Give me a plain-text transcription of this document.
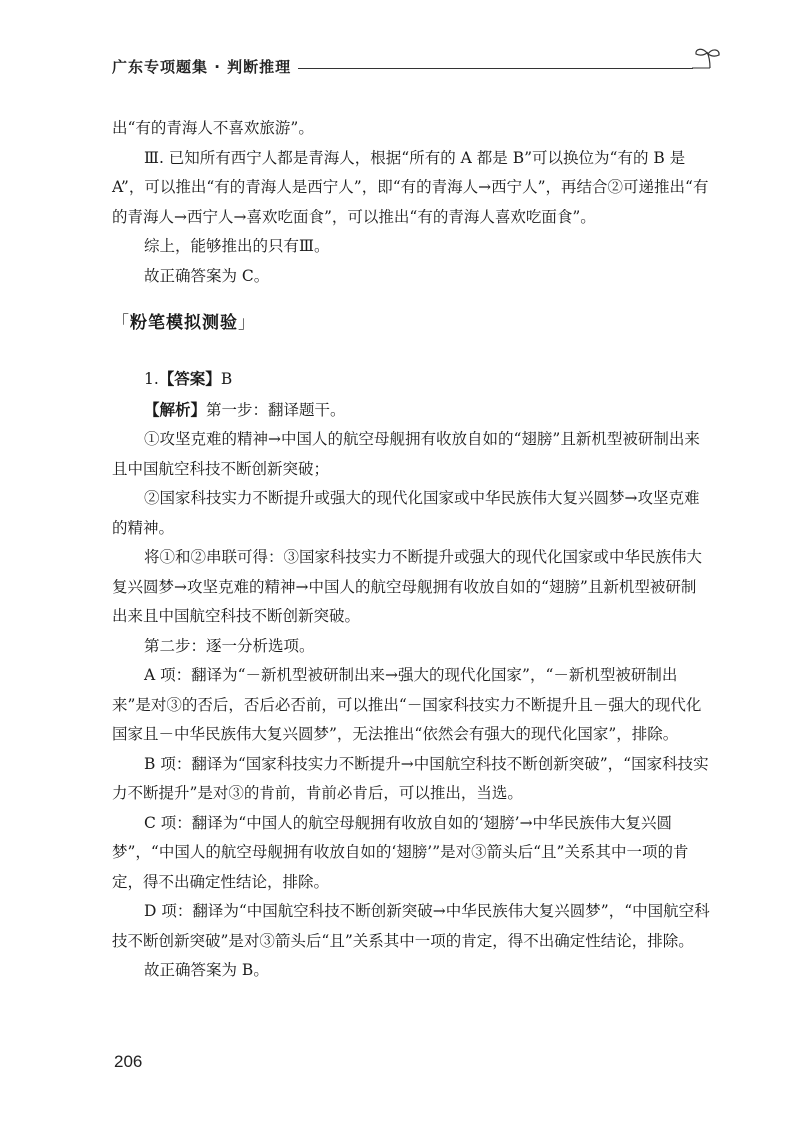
广东专项题集 · 判断推理

出“有的青海人不喜欢旅游”。

Ⅲ. 已知所有西宁人都是青海人，根据“所有的 A 都是 B”可以换位为“有的 B 是 A”，可以推出“有的青海人是西宁人”，即“有的青海人→西宁人”，再结合②可递推出“有的青海人→西宁人→喜欢吃面食”，可以推出“有的青海人喜欢吃面食”。

综上，能够推出的只有Ⅲ。

故正确答案为 C。

「粉笔模拟测验」

1.【答案】B

【解析】第一步：翻译题干。

①攻坚克难的精神→中国人的航空母舰拥有收放自如的“翅膀”且新机型被研制出来且中国航空科技不断创新突破；

②国家科技实力不断提升或强大的现代化国家或中华民族伟大复兴圆梦→攻坚克难的精神。

将①和②串联可得：③国家科技实力不断提升或强大的现代化国家或中华民族伟大复兴圆梦→攻坚克难的精神→中国人的航空母舰拥有收放自如的“翅膀”且新机型被研制出来且中国航空科技不断创新突破。

第二步：逐一分析选项。

A 项：翻译为“－新机型被研制出来→强大的现代化国家”，“－新机型被研制出来”是对③的否后，否后必否前，可以推出“－国家科技实力不断提升且－强大的现代化国家且－中华民族伟大复兴圆梦”，无法推出“依然会有强大的现代化国家”，排除。

B 项：翻译为“国家科技实力不断提升→中国航空科技不断创新突破”，“国家科技实力不断提升”是对③的肯前，肯前必肯后，可以推出，当选。

C 项：翻译为“中国人的航空母舰拥有收放自如的‘翅膀’→中华民族伟大复兴圆梦”，“中国人的航空母舰拥有收放自如的‘翅膀’”是对③箭头后“且”关系其中一项的肯定，得不出确定性结论，排除。

D 项：翻译为“中国航空科技不断创新突破→中华民族伟大复兴圆梦”，“中国航空科技不断创新突破”是对③箭头后“且”关系其中一项的肯定，得不出确定性结论，排除。

故正确答案为 B。

206
